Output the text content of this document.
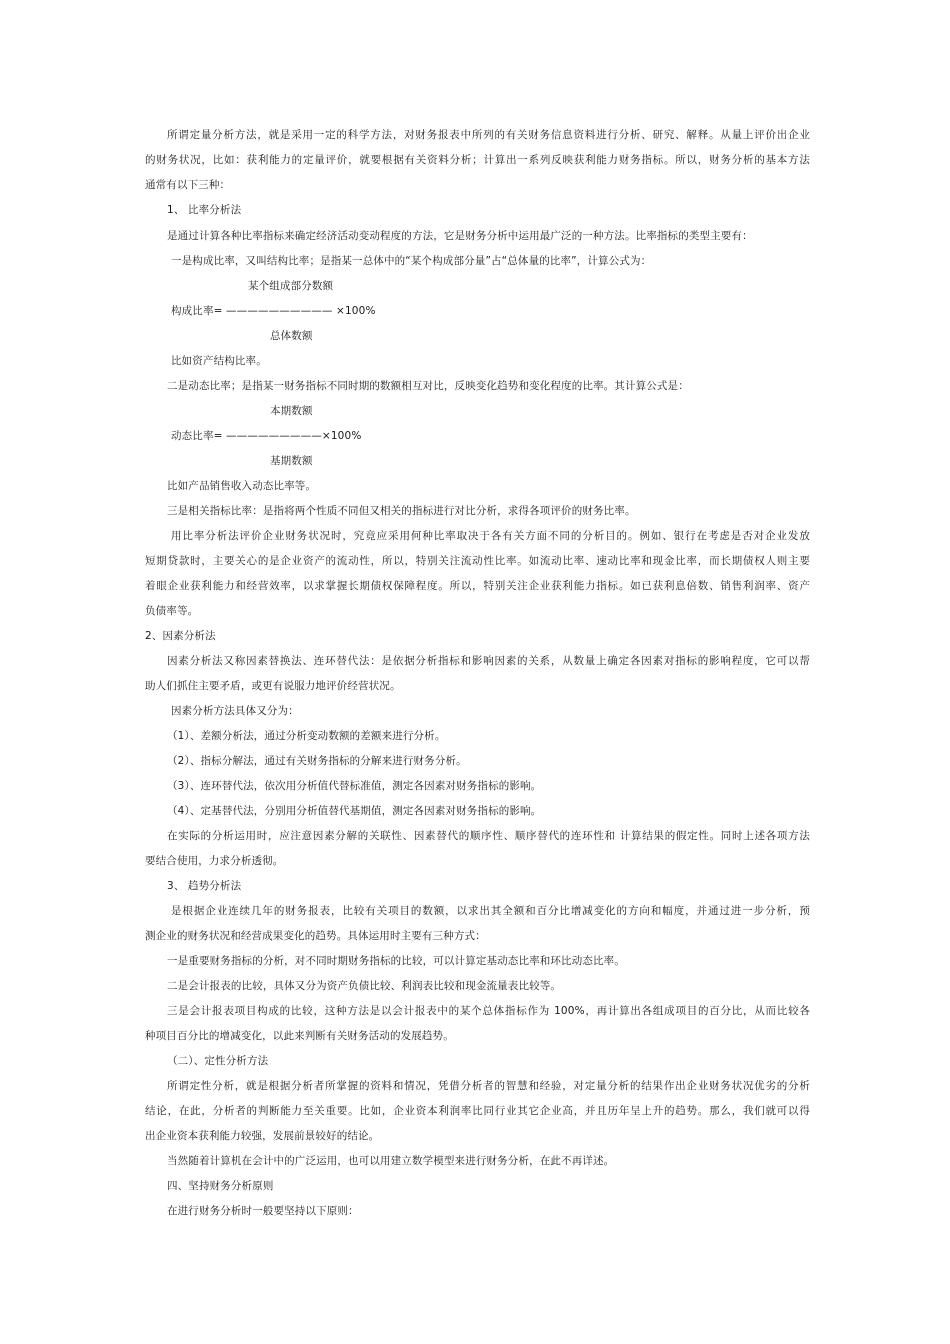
所谓定量分析方法，就是采用一定的科学方法，对财务报表中所列的有关财务信息资料进行分析、研究、解释。从量上评价出企业
的财务状况，比如：获利能力的定量评价，就要根据有关资料分析；计算出一系列反映获利能力财务指标。所以，财务分析的基本方法
通常有以下三种：
1、 比率分析法
是通过计算各种比率指标来确定经济活动变动程度的方法，它是财务分析中运用最广泛的一种方法。比率指标的类型主要有：
一是构成比率，又叫结构比率；是指某一总体中的“某个构成部分量”占“总体量的比率”，计算公式为：
某个组成部分数额
构成比率= —————————— ×100%
总体数额
比如资产结构比率。
二是动态比率；是指某一财务指标不同时期的数额相互对比，反映变化趋势和变化程度的比率。其计算公式是：
本期数额
动态比率= —————————×100%
基期数额
比如产品销售收入动态比率等。
三是相关指标比率：是指将两个性质不同但又相关的指标进行对比分析，求得各项评价的财务比率。
用比率分析法评价企业财务状况时，究竟应采用何种比率取决于各有关方面不同的分析目的。例如、银行在考虑是否对企业发放
短期贷款时，主要关心的是企业资产的流动性，所以，特别关注流动性比率。如流动比率、速动比率和现金比率，而长期债权人则主要
着眼企业获利能力和经营效率，以求掌握长期债权保障程度。所以，特别关注企业获利能力指标。如已获利息倍数、销售利润率、资产
负债率等。
2、因素分析法
因素分析法又称因素替换法、连环替代法：是依据分析指标和影响因素的关系，从数量上确定各因素对指标的影响程度，它可以帮
助人们抓住主要矛盾，或更有说服力地评价经营状况。
因素分析方法具体又分为：
（1）、差额分析法，通过分析变动数额的差额来进行分析。
（2）、指标分解法，通过有关财务指标的分解来进行财务分析。
（3）、连环替代法，依次用分析值代替标准值，测定各因素对财务指标的影响。
（4）、定基替代法，分别用分析值替代基期值，测定各因素对财务指标的影响。
在实际的分析运用时，应注意因素分解的关联性、因素替代的顺序性、顺序替代的连环性和 计算结果的假定性。同时上述各项方法
要结合使用，力求分析透彻。
3、 趋势分析法
是根据企业连续几年的财务报表，比较有关项目的数额，以求出其全额和百分比增减变化的方向和幅度，并通过进一步分析，预
测企业的财务状况和经营成果变化的趋势。具体运用时主要有三种方式：
一是重要财务指标的分析，对不同时期财务指标的比较，可以计算定基动态比率和环比动态比率。
二是会计报表的比较，具体又分为资产负债比较、利润表比较和现金流量表比较等。
三是会计报表项目构成的比较，这种方法是以会计报表中的某个总体指标作为 100%，再计算出各组成项目的百分比，从而比较各
种项目百分比的增减变化，以此来判断有关财务活动的发展趋势。
（二）、定性分析方法
所谓定性分析，就是根据分析者所掌握的资料和情况，凭借分析者的智慧和经验，对定量分析的结果作出企业财务状况优劣的分析
结论，在此，分析者的判断能力至关重要。比如，企业资本利润率比同行业其它企业高，并且历年呈上升的趋势。那么，我们就可以得
出企业资本获利能力较强，发展前景较好的结论。
当然随着计算机在会计中的广泛运用，也可以用建立数学模型来进行财务分析，在此不再详述。
四、坚持财务分析原则
在进行财务分析时一般要坚持以下原则：
